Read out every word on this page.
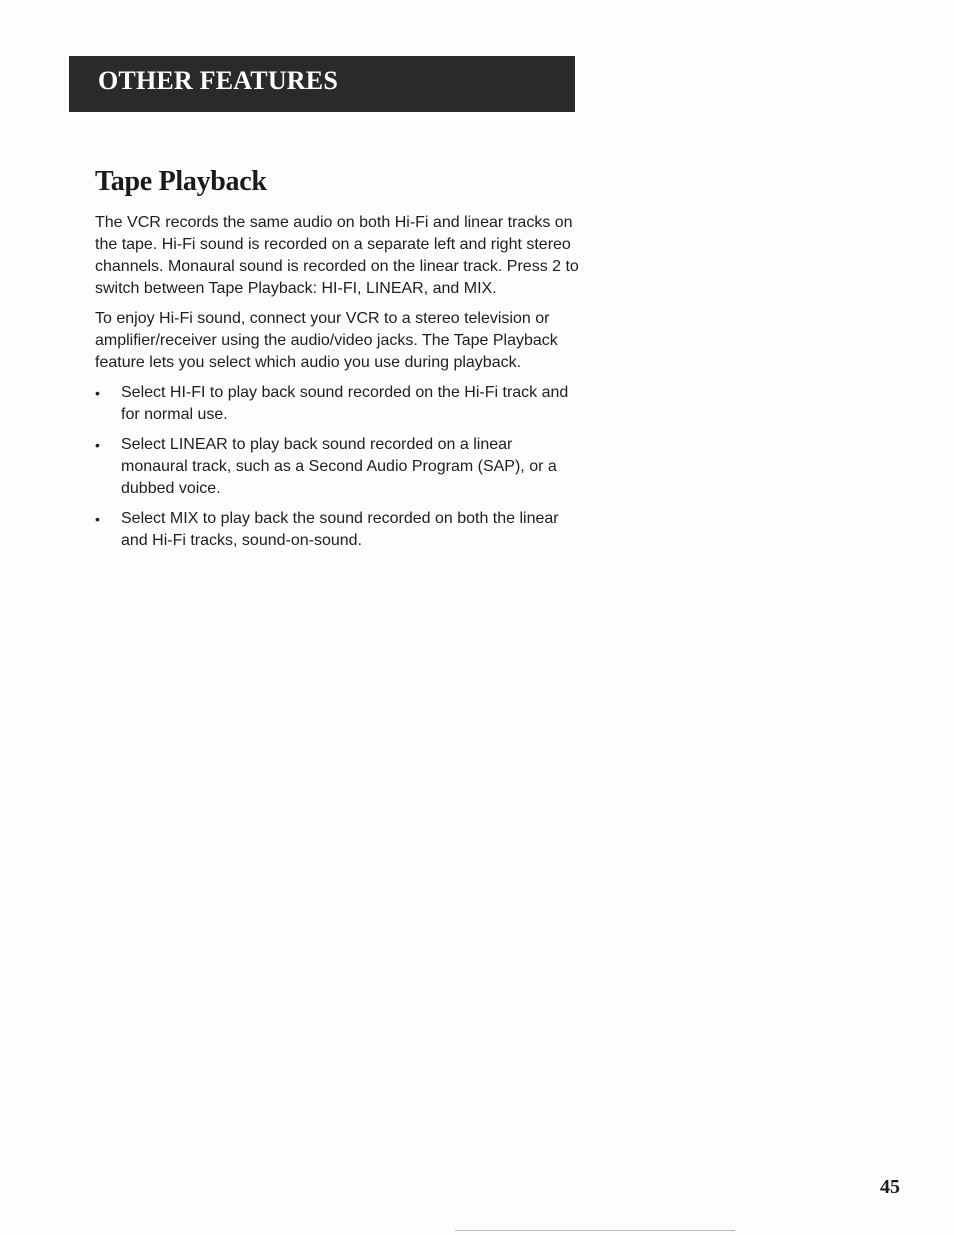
OTHER FEATURES
Tape Playback

The VCR records the same audio on both Hi-Fi and linear tracks on the tape. Hi-Fi sound is recorded on a separate left and right stereo channels. Monaural sound is recorded on the linear track. Press 2 to switch between Tape Playback: HI-FI, LINEAR, and MIX.

To enjoy Hi-Fi sound, connect your VCR to a stereo television or amplifier/receiver using the audio/video jacks. The Tape Playback feature lets you select which audio you use during playback.

• Select HI-FI to play back sound recorded on the Hi-Fi track and for normal use.
• Select LINEAR to play back sound recorded on a linear monaural track, such as a Second Audio Program (SAP), or a dubbed voice.
• Select MIX to play back the sound recorded on both the linear and Hi-Fi tracks, sound-on-sound.
45
